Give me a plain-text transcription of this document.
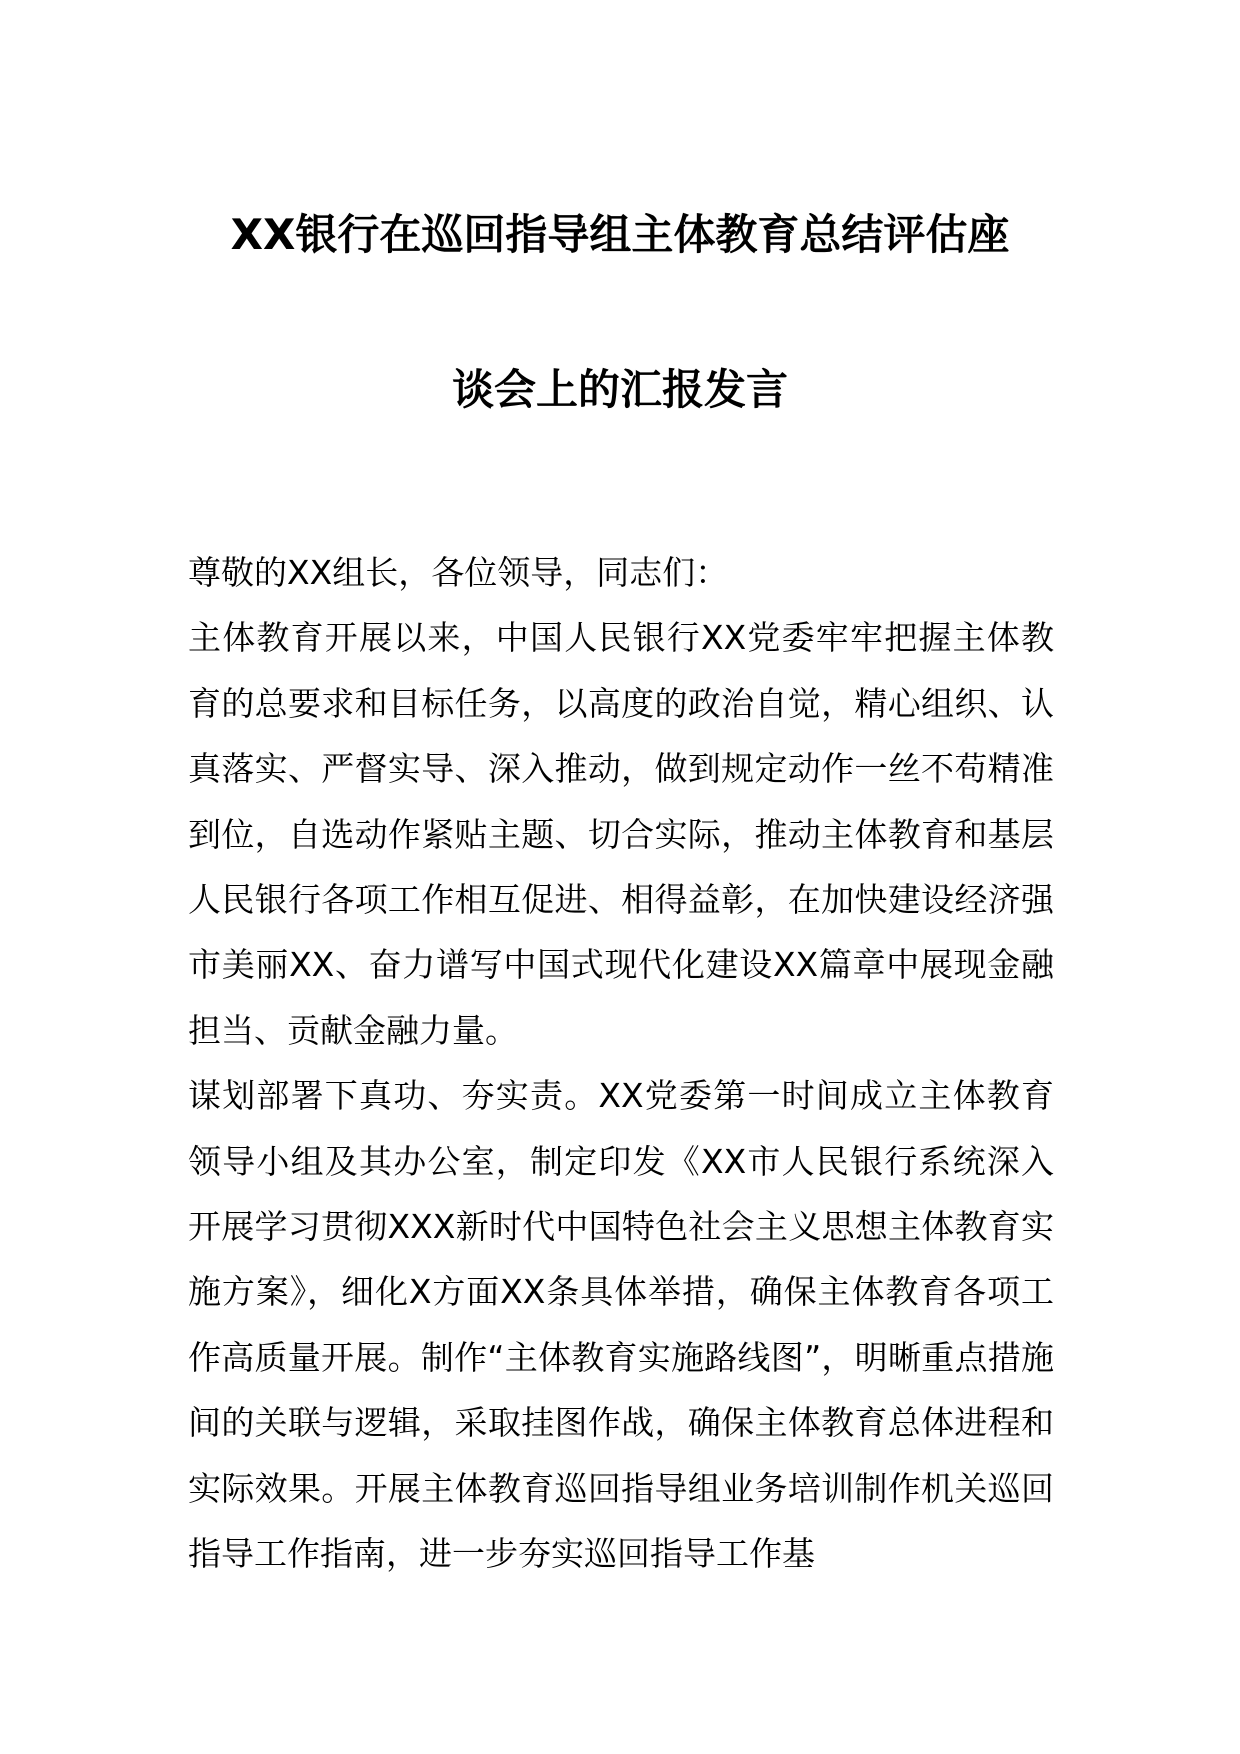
XX银行在巡回指导组主体教育总结评估座
谈会上的汇报发言

尊敬的XX组长，各位领导，同志们：

主体教育开展以来，中国人民银行XX党委牢牢把握主体教育的总要求和目标任务，以高度的政治自觉，精心组织、认真落实、严督实导、深入推动，做到规定动作一丝不苟精准到位，自选动作紧贴主题、切合实际，推动主体教育和基层人民银行各项工作相互促进、相得益彰，在加快建设经济强市美丽XX、奋力谱写中国式现代化建设XX篇章中展现金融担当、贡献金融力量。

谋划部署下真功、夯实责。XX党委第一时间成立主体教育领导小组及其办公室，制定印发《XX市人民银行系统深入开展学习贯彻XXX新时代中国特色社会主义思想主体教育实施方案》，细化X方面XX条具体举措，确保主体教育各项工作高质量开展。制作“主体教育实施路线图”，明晰重点措施间的关联与逻辑，采取挂图作战，确保主体教育总体进程和实际效果。开展主体教育巡回指导组业务培训制作机关巡回指导工作指南，进一步夯实巡回指导工作基
